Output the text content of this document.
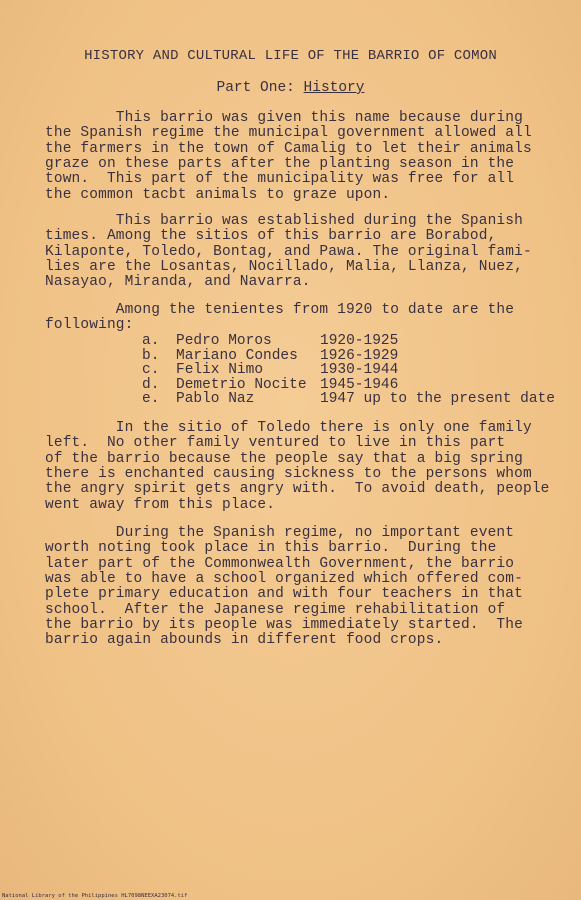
HISTORY AND CULTURAL LIFE OF THE BARRIO OF COMON
Part One: History
This barrio was given this name because during
the Spanish regime the municipal government allowed all
the farmers in the town of Camalig to let their animals
graze on these parts after the planting season in the
town.  This part of the municipality was free for all
the common tacbt animals to graze upon.
This barrio was established during the Spanish
times. Among the sitios of this barrio are Borabod,
Kilaponte, Toledo, Bontag, and Pawa. The original fami-
lies are the Losantas, Nocillado, Malia, Llanza, Nuez,
Nasayao, Miranda, and Navarra.
Among the tenientes from 1920 to date are the
following:
a. Pedro Moros	1920-1925
b. Mariano Condes 1926-1929
c. Felix Nimo	1930-1944
d. Demetrio Nocite 1945-1946
e. Pablo Naz	1947 up to the present date
In the sitio of Toledo there is only one family
left.  No other family ventured to live in this part
of the barrio because the people say that a big spring
there is enchanted causing sickness to the persons whom
the angry spirit gets angry with.  To avoid death, people
went away from this place.
During the Spanish regime, no important event
worth noting took place in this barrio.  During the
later part of the Commonwealth Government, the barrio
was able to have a school organized which offered com-
plete primary education and with four teachers in that
school.  After the Japanese regime rehabilitation of
the barrio by its people was immediately started.  The
barrio again abounds in different food crops.
National Library of the Philippines HL7098NEEXA23074.tif
